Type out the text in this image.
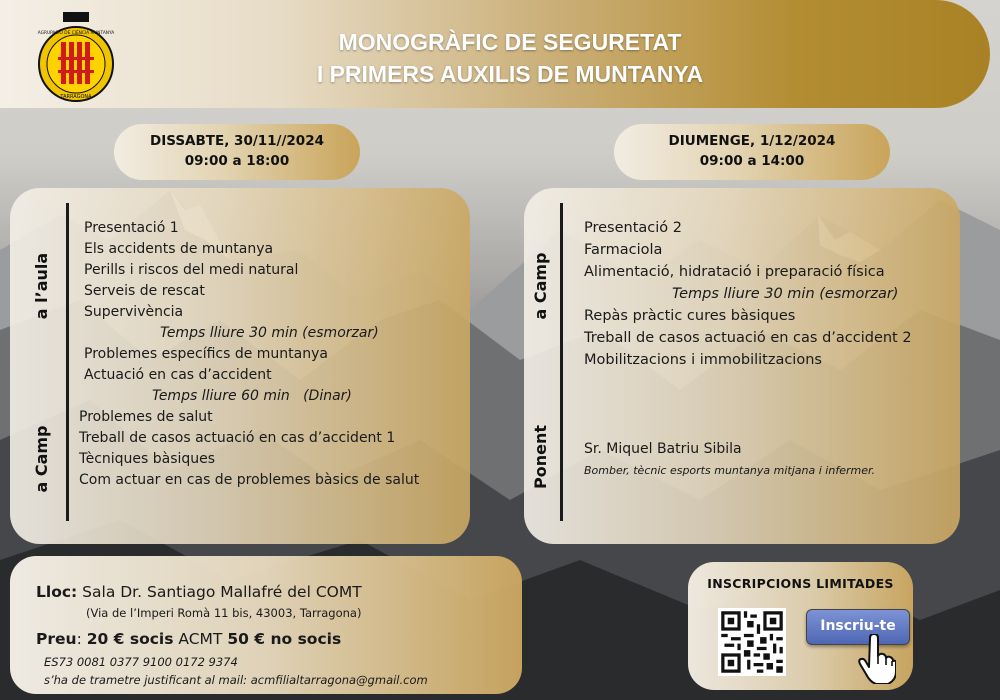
AGRUPACIÓ DE CIÈNCIA MUNTANYA
TARRAGONA
MONOGRÀFIC DE SEGURETAT
I PRIMERS AUXILIS DE MUNTANYA
DISSABTE, 30/11//2024
09:00 a 18:00
DIUMENGE, 1/12/2024
09:00 a 14:00
a l’aula
a Camp
Presentació 1
Els accidents de muntanya
Perills i riscos del medi natural
Serveis de rescat
Supervivència
Temps lliure 30 min (esmorzar)
Problemes específics de muntanya
Actuació en cas d’accident
Temps lliure 60 min   (Dinar)
Problemes de salut
Treball de casos actuació en cas d’accident 1
Tècniques bàsiques
Com actuar en cas de problemes bàsics de salut
a Camp
Ponent
Presentació 2
Farmaciola
Alimentació, hidratació i preparació física
Temps lliure 30 min (esmorzar)
Repàs pràctic cures bàsiques
Treball de casos actuació en cas d’accident 2
Mobilitzacions i immobilitzacions
Sr. Miquel Batriu Sibila
Bomber, tècnic esports muntanya mitjana i infermer.
Lloc: Sala Dr. Santiago Mallafré del COMT
(Via de l’Imperi Romà 11 bis, 43003, Tarragona)
Preu: 20 € socis ACMT 50 € no socis
ES73 0081 0377 9100 0172 9374
s’ha de trametre justificant al mail: acmfilialtarragona@gmail.com
INSCRIPCIONS LIMITADES
Inscriu-te
